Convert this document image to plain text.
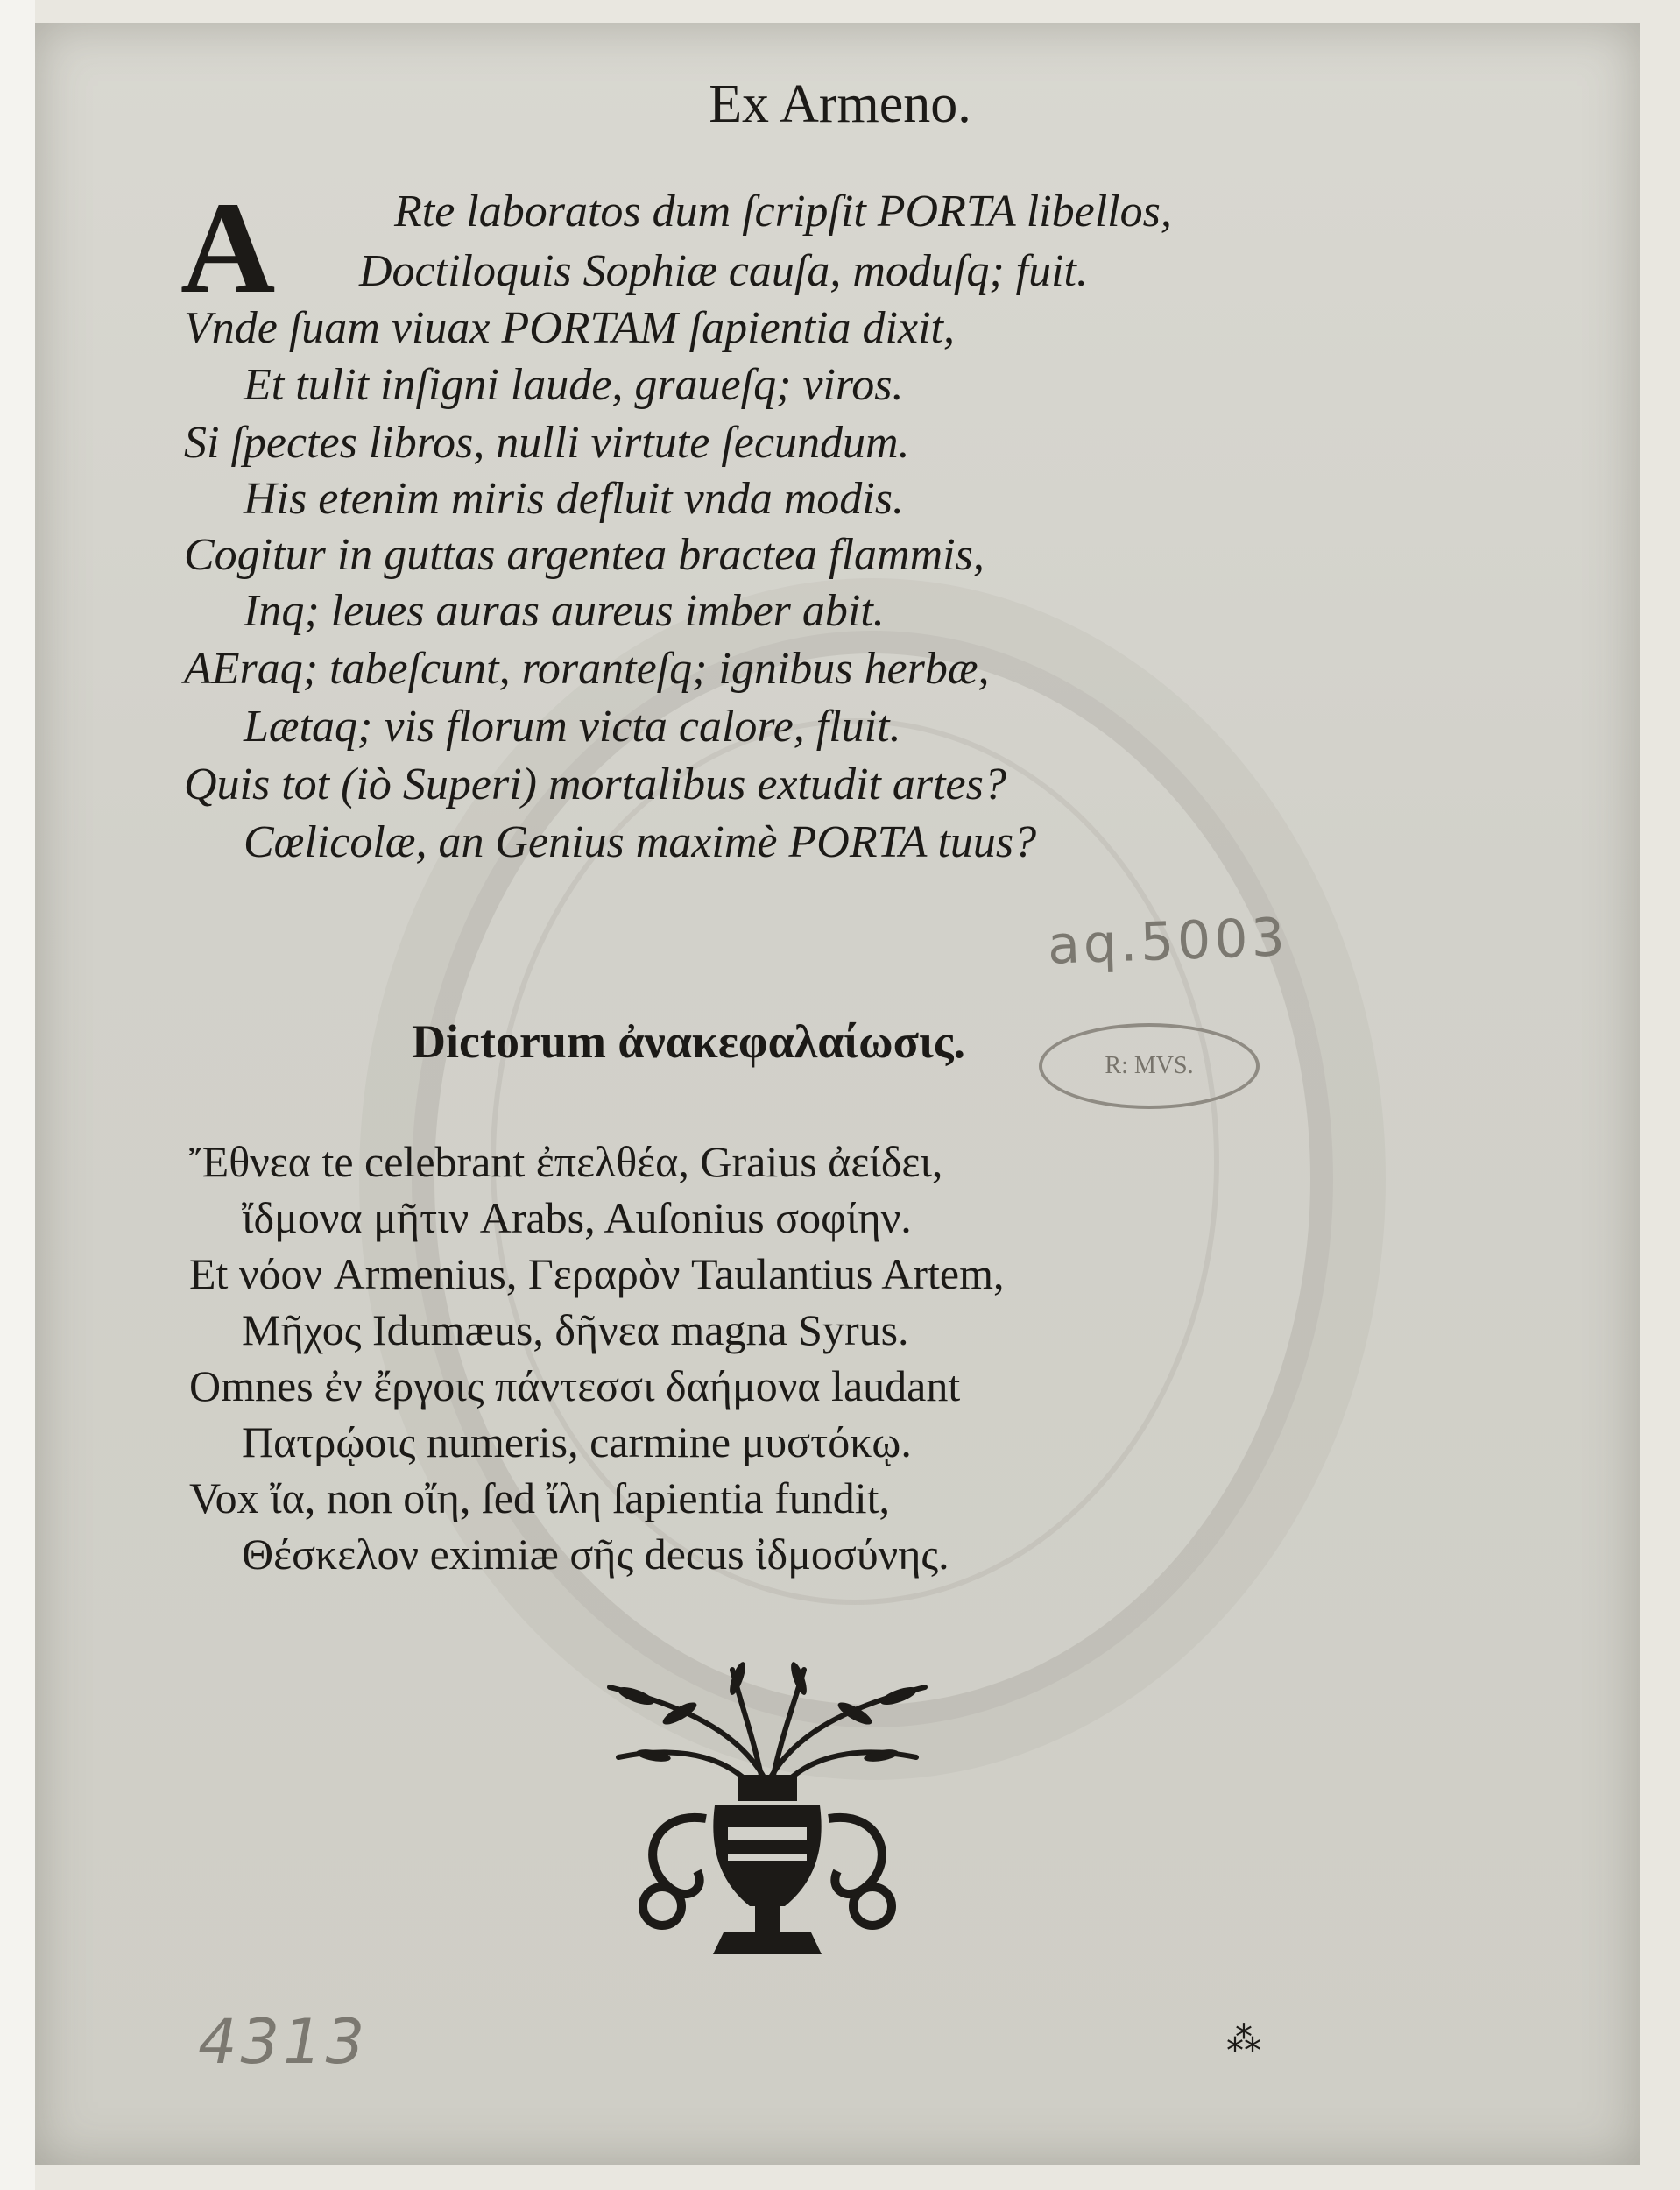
Ex Armeno.
A	Rte laboratos dum ſcripſit PORTA libellos,
Doctiloquis Sophiæ cauſa, moduſq; fuit.
Vnde ſuam viuax PORTAM ſapientia dixit,
Et tulit inſigni laude, graueſq; viros.
Si ſpectes libros, nulli virtute ſecundum.
His etenim miris defluit vnda modis.
Cogitur in guttas argentea bractea flammis,
Inq; leues auras aureus imber abit.
AEraq; tabeſcunt, roranteſq; ignibus herbæ,
Lætaq; vis florum victa calore, fluit.
Quis tot (iò Superi) mortalibus extudit artes?
Cœlicolæ, an Genius maximè PORTA tuus?
aq.5003
Dictorum ἀνακεφαλαίωσις.	R: MVS.
Ἔθνεα te celebrant ἐπελθέα, Graius ἀείδει,
ἴδμονα μῆτιν Arabs, Auſonius σοφίην.
Et νόον Armenius, Γεραρὸν Taulantius Artem,
Μῆχος Idumæus, δῆνεα magna Syrus.
Omnes ἐν ἔργοις πάντεσσι δαήμονα laudant
Πατρῴοις numeris, carmine μυστόκῳ.
Vox ἴα, non οἴη, ſed ἴλη ſapientia fundit,
Θέσκελον eximiæ σῆς decus ἰδμοσύνης.
4313	⁂
